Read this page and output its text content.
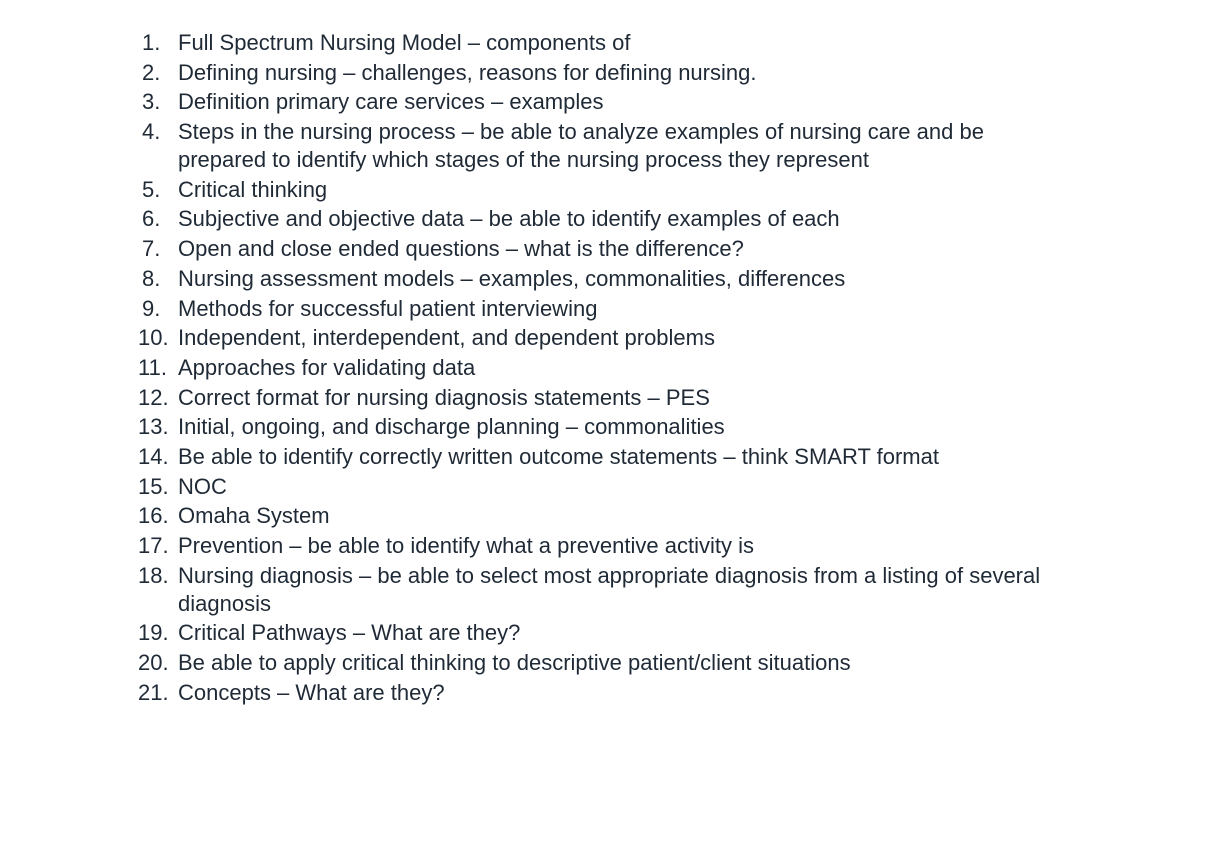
1. Full Spectrum Nursing Model – components of
2. Defining nursing – challenges, reasons for defining nursing.
3. Definition primary care services – examples
4. Steps in the nursing process – be able to analyze examples of nursing care and be prepared to identify which stages of the nursing process they represent
5. Critical thinking
6. Subjective and objective data – be able to identify examples of each
7. Open and close ended questions – what is the difference?
8. Nursing assessment models – examples, commonalities, differences
9. Methods for successful patient interviewing
10. Independent, interdependent, and dependent problems
11. Approaches for validating data
12. Correct format for nursing diagnosis statements – PES
13. Initial, ongoing, and discharge planning – commonalities
14. Be able to identify correctly written outcome statements – think SMART format
15. NOC
16. Omaha System
17. Prevention – be able to identify what a preventive activity is
18. Nursing diagnosis – be able to select most appropriate diagnosis from a listing of several diagnosis
19. Critical Pathways – What are they?
20. Be able to apply critical thinking to descriptive patient/client situations
21. Concepts – What are they?
